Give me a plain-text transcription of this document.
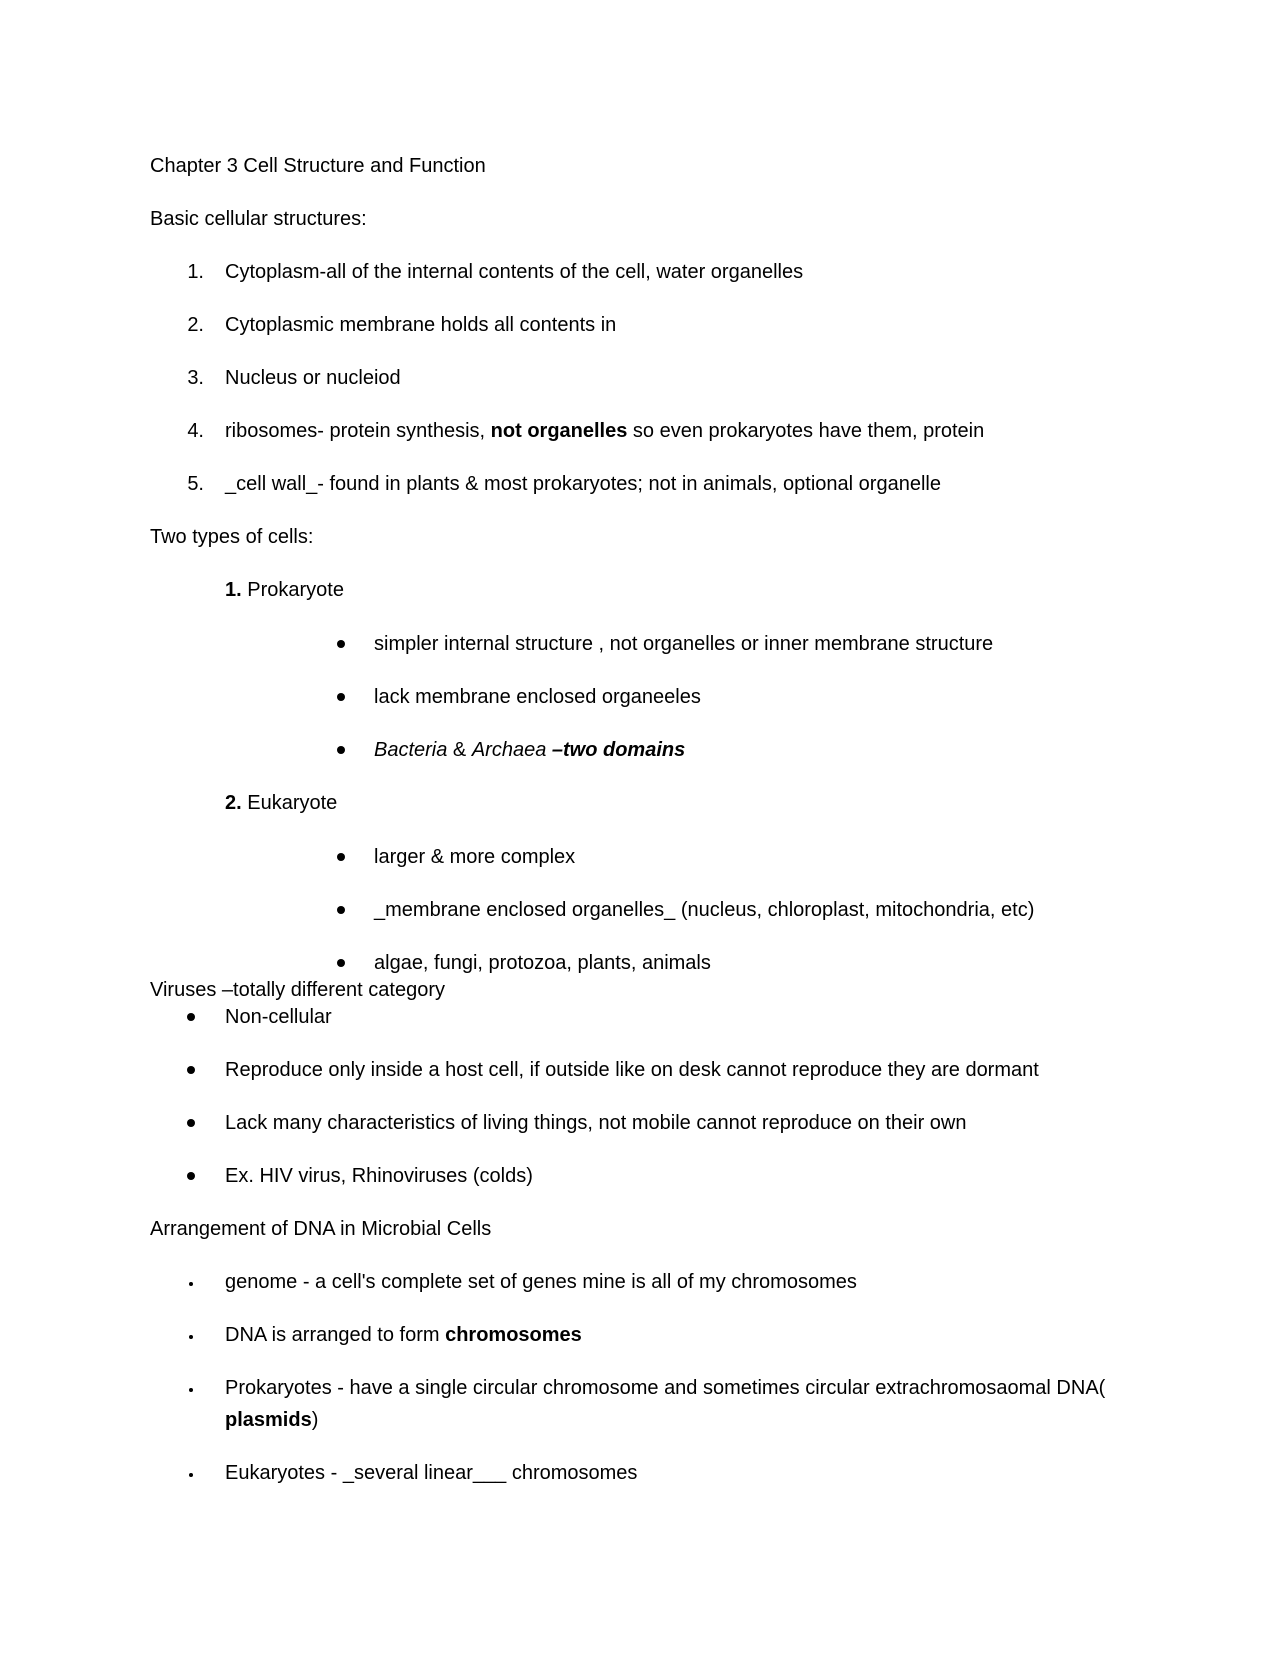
Chapter 3 Cell Structure and Function
Basic cellular structures:
1. Cytoplasm-all of the internal contents of the cell, water organelles
2. Cytoplasmic membrane holds all contents in
3. Nucleus or nucleiod
4. ribosomes- protein synthesis, not organelles so even prokaryotes have them, protein
5. _cell wall_- found in plants & most prokaryotes; not in animals, optional organelle
Two types of cells:
1. Prokaryote
simpler internal structure , not organelles or inner membrane structure
lack membrane enclosed organeeles
Bacteria & Archaea –two domains
2. Eukaryote
larger & more complex
_membrane enclosed organelles_ (nucleus, chloroplast, mitochondria, etc)
algae, fungi, protozoa, plants, animals
Viruses –totally different category
Non-cellular
Reproduce only inside a host cell, if outside like on desk cannot reproduce they are dormant
Lack many characteristics of living things, not mobile cannot reproduce on their own
Ex. HIV virus, Rhinoviruses (colds)
Arrangement of DNA in Microbial Cells
genome - a cell's complete set of genes mine is all of my chromosomes
DNA is arranged to form chromosomes
Prokaryotes - have a single circular chromosome and sometimes circular extrachromosaomal DNA(
plasmids)
Eukaryotes - _several linear___ chromosomes
